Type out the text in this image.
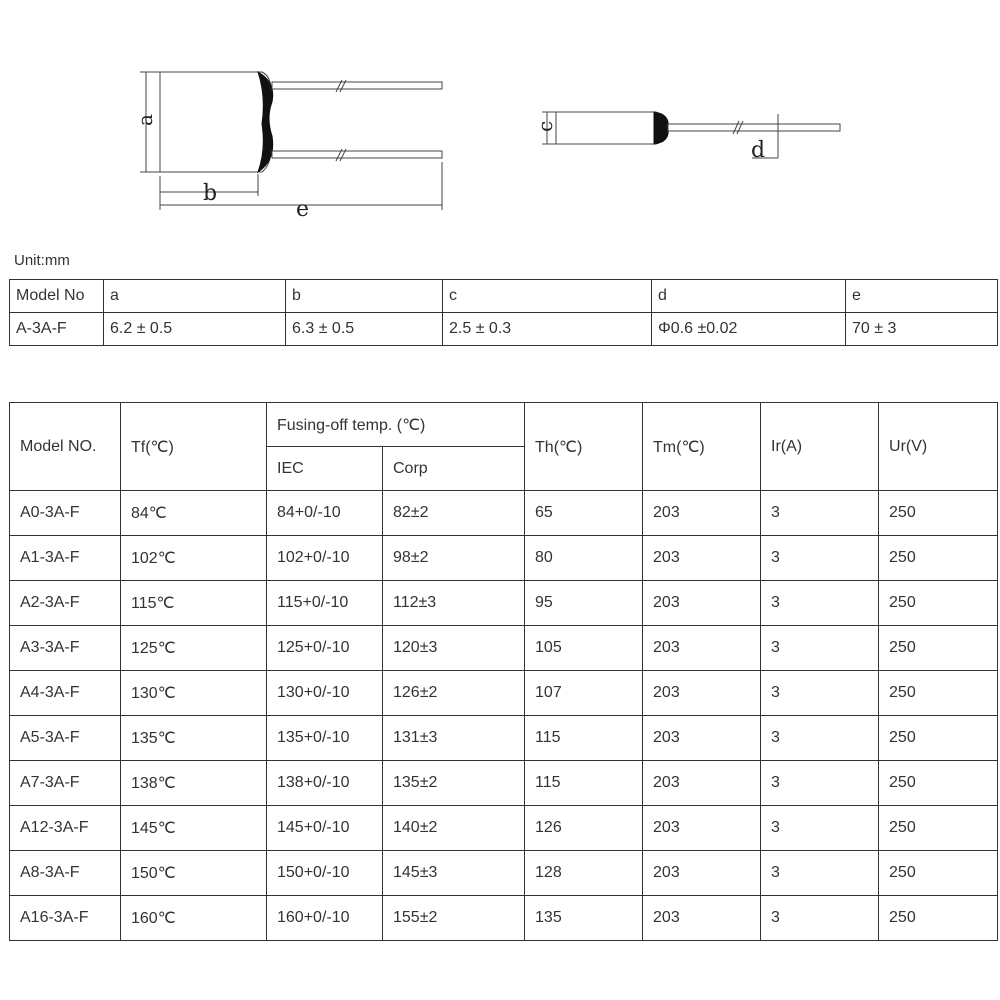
a
b
e
c
d
Unit:mm
Model No	a	b	c	d	e
A-3A-F	6.2 ± 0.5	6.3 ± 0.5	2.5 ± 0.3	Φ0.6 ±0.02	70 ± 3
Model NO.	Tf(℃)	Fusing-off temp. (℃)		Th(℃)	Tm(℃)	Ir(A)	Ur(V)
		IEC	Corp				
A0-3A-F	84℃	84+0/-10	82±2	65	203	3	250
A1-3A-F	102℃	102+0/-10	98±2	80	203	3	250
A2-3A-F	115℃	115+0/-10	112±3	95	203	3	250
A3-3A-F	125℃	125+0/-10	120±3	105	203	3	250
A4-3A-F	130℃	130+0/-10	126±2	107	203	3	250
A5-3A-F	135℃	135+0/-10	131±3	115	203	3	250
A7-3A-F	138℃	138+0/-10	135±2	115	203	3	250
A12-3A-F	145℃	145+0/-10	140±2	126	203	3	250
A8-3A-F	150℃	150+0/-10	145±3	128	203	3	250
A16-3A-F	160℃	160+0/-10	155±2	135	203	3	250
